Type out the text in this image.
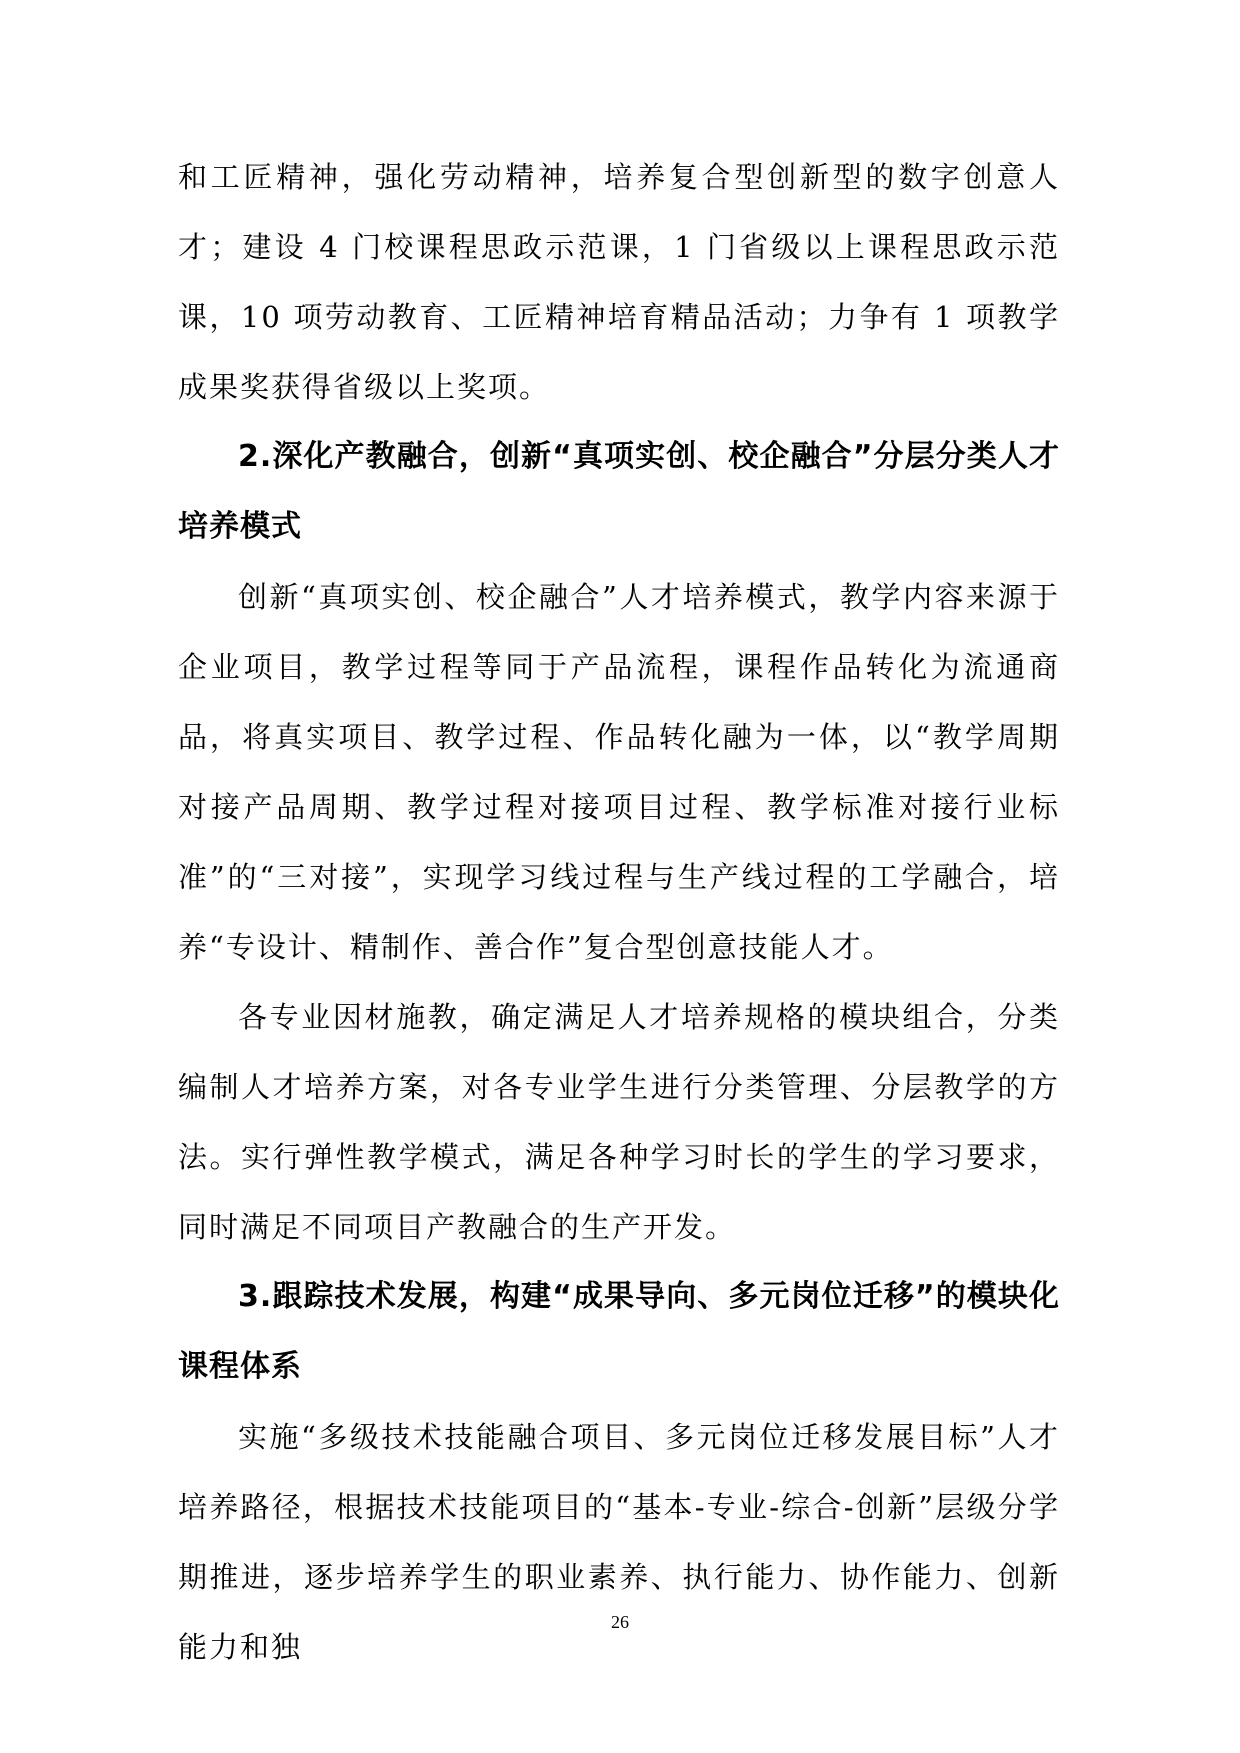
和工匠精神，强化劳动精神，培养复合型创新型的数字创意人才；建设 4 门校课程思政示范课，1 门省级以上课程思政示范课，10 项劳动教育、工匠精神培育精品活动；力争有 1 项教学成果奖获得省级以上奖项。

2.深化产教融合，创新“真项实创、校企融合”分层分类人才培养模式

创新“真项实创、校企融合”人才培养模式，教学内容来源于企业项目，教学过程等同于产品流程，课程作品转化为流通商品，将真实项目、教学过程、作品转化融为一体，以“教学周期对接产品周期、教学过程对接项目过程、教学标准对接行业标准”的“三对接”，实现学习线过程与生产线过程的工学融合，培养“专设计、精制作、善合作”复合型创意技能人才。

各专业因材施教，确定满足人才培养规格的模块组合，分类编制人才培养方案，对各专业学生进行分类管理、分层教学的方法。实行弹性教学模式，满足各种学习时长的学生的学习要求，同时满足不同项目产教融合的生产开发。

3.跟踪技术发展，构建“成果导向、多元岗位迁移”的模块化课程体系

实施“多级技术技能融合项目、多元岗位迁移发展目标”人才培养路径，根据技术技能项目的“基本-专业-综合-创新”层级分学期推进，逐步培养学生的职业素养、执行能力、协作能力、创新能力和独

26
